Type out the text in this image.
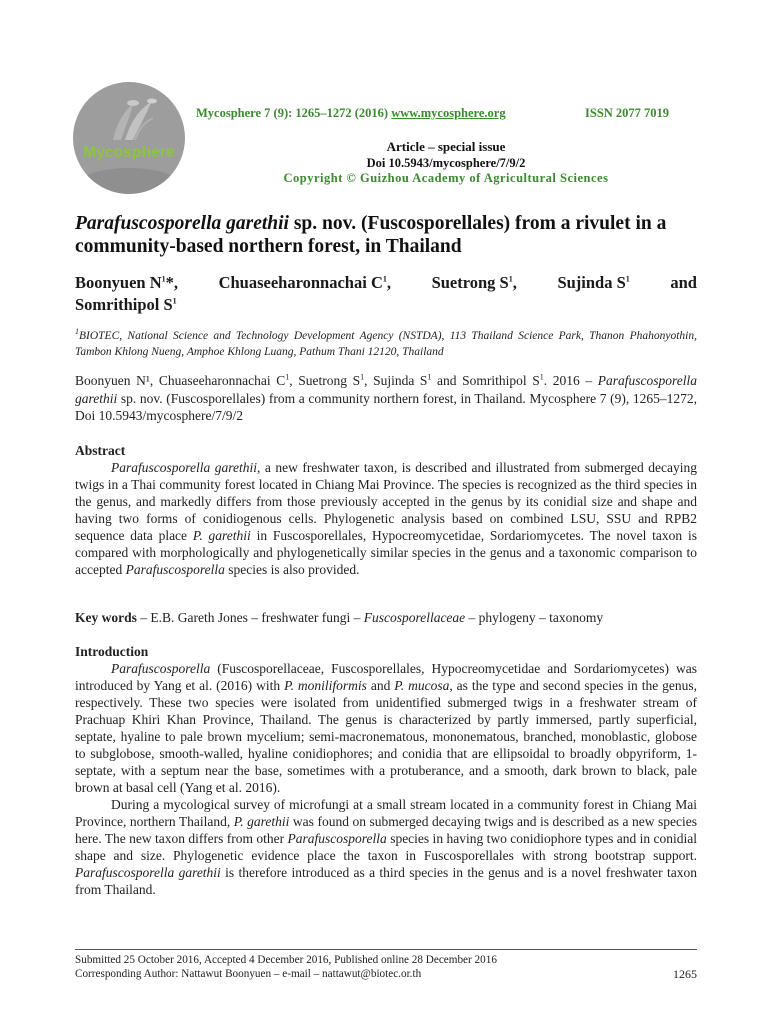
Mycosphere
Mycosphere 7 (9): 1265–1272 (2016) www.mycosphere.org	ISSN 2077 7019
Article – special issue
Doi 10.5943/mycosphere/7/9/2
Copyright © Guizhou Academy of Agricultural Sciences
Parafuscosporella garethii sp. nov. (Fuscosporellales) from a rivulet in a community-based northern forest, in Thailand
Boonyuen $N^1*$, Chuaseeharonnachai $C^1$, Suetrong $S^1$, Sujinda $S^1$ and
Somrithipol $S^1$
$^1$BIOTEC, National Science and Technology Development Agency (NSTDA), 113 Thailand Science Park, Thanon Phahonyothin, Tambon Khlong Nueng, Amphoe Khlong Luang, Pathum Thani 12120, Thailand
Boonyuen N¹, Chuaseeharonnachai $C^1$, Suetrong $S^1$, Sujinda $S^1$ and Somrithipol $S^1$. 2016 – Parafuscosporella garethii sp. nov. (Fuscosporellales) from a community northern forest, in Thailand. Mycosphere 7 (9), 1265–1272, Doi 10.5943/mycosphere/7/9/2
Abstract

Parafuscosporella garethii, a new freshwater taxon, is described and illustrated from submerged decaying twigs in a Thai community forest located in Chiang Mai Province. The species is recognized as the third species in the genus, and markedly differs from those previously accepted in the genus by its conidial size and shape and having two forms of conidiogenous cells. Phylogenetic analysis based on combined LSU, SSU and RPB2 sequence data place P. garethii in Fuscosporellales, Hypocreomycetidae, Sordariomycetes. The novel taxon is compared with morphologically and phylogenetically similar species in the genus and a taxonomic comparison to accepted Parafuscosporella species is also provided.

Key words – E.B. Gareth Jones – freshwater fungi – Fuscosporellaceae – phylogeny – taxonomy
Introduction

Parafuscosporella (Fuscosporellaceae, Fuscosporellales, Hypocreomycetidae and Sordariomycetes) was introduced by Yang et al. (2016) with P. moniliformis and P. mucosa, as the type and second species in the genus, respectively. These two species were isolated from unidentified submerged twigs in a freshwater stream of Prachuap Khiri Khan Province, Thailand. The genus is characterized by partly immersed, partly superficial, septate, hyaline to pale brown mycelium; semi-macronematous, mononematous, branched, monoblastic, globose to subglobose, smooth-walled, hyaline conidiophores; and conidia that are ellipsoidal to broadly obpyriform, 1-septate, with a septum near the base, sometimes with a protuberance, and a smooth, dark brown to black, pale brown at basal cell (Yang et al. 2016).

During a mycological survey of microfungi at a small stream located in a community forest in Chiang Mai Province, northern Thailand, P. garethii was found on submerged decaying twigs and is described as a new species here. The new taxon differs from other Parafuscosporella species in having two conidiophore types and in conidial shape and size. Phylogenetic evidence place the taxon in Fuscosporellales with strong bootstrap support. Parafuscosporella garethii is therefore introduced as a third species in the genus and is a novel freshwater taxon from Thailand.

Submitted 25 October 2016, Accepted 4 December 2016, Published online 28 December 2016
Corresponding Author: Nattawut Boonyuen – e-mail – nattawut@biotec.or.th	1265
